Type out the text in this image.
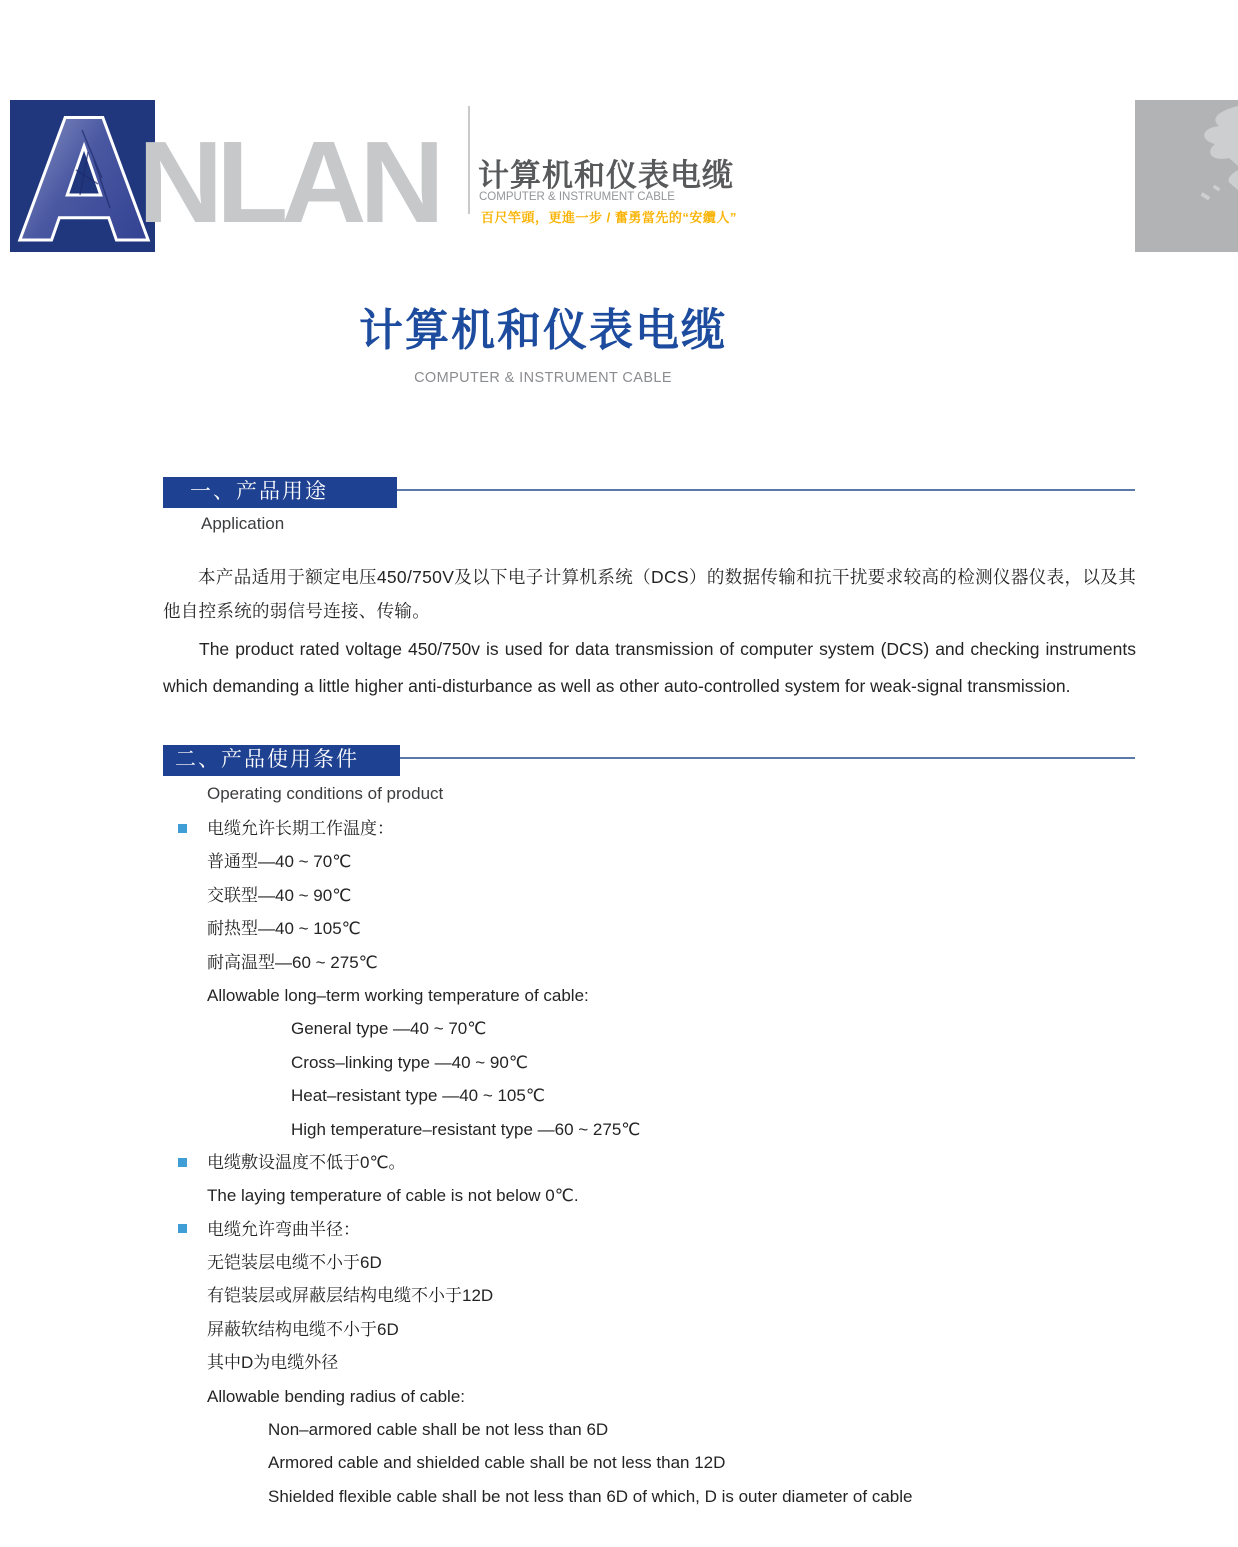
A
NLAN 计算机和仪表电缆
COMPUTER & INSTRUMENT CABLE
百尺竿頭，更進一步 / 奮勇當先的“安纜人”
计算机和仪表电缆
COMPUTER & INSTRUMENT CABLE
一、产品用途
Application

本产品适用于额定电压450/750V及以下电子计算机系统（DCS）的数据传输和抗干扰要求较高的检测仪器仪表，以及其他自控系统的弱信号连接、传输。

The product rated voltage 450/750v is used for data transmission of computer system (DCS) and checking instruments which demanding a little higher anti-disturbance as well as other auto-controlled system for weak-signal transmission.

二、产品使用条件
Operating conditions of product
电缆允许长期工作温度：
普通型—40 ~ 70℃
交联型—40 ~ 90℃
耐热型—40 ~ 105℃
耐高温型—60 ~ 275℃
Allowable long–term working temperature of cable:
General type —40 ~ 70℃
Cross–linking type —40 ~ 90℃
Heat–resistant type —40 ~ 105℃
High temperature–resistant type —60 ~ 275℃
电缆敷设温度不低于0℃。
The laying temperature of cable is not below 0℃.
电缆允许弯曲半径：
无铠装层电缆不小于6D
有铠装层或屏蔽层结构电缆不小于12D
屏蔽软结构电缆不小于6D
其中D为电缆外径
Allowable bending radius of cable:
Non–armored cable shall be not less than 6D
Armored cable and shielded cable shall be not less than 12D
Shielded flexible cable shall be not less than 6D of which, D is outer diameter of cable
